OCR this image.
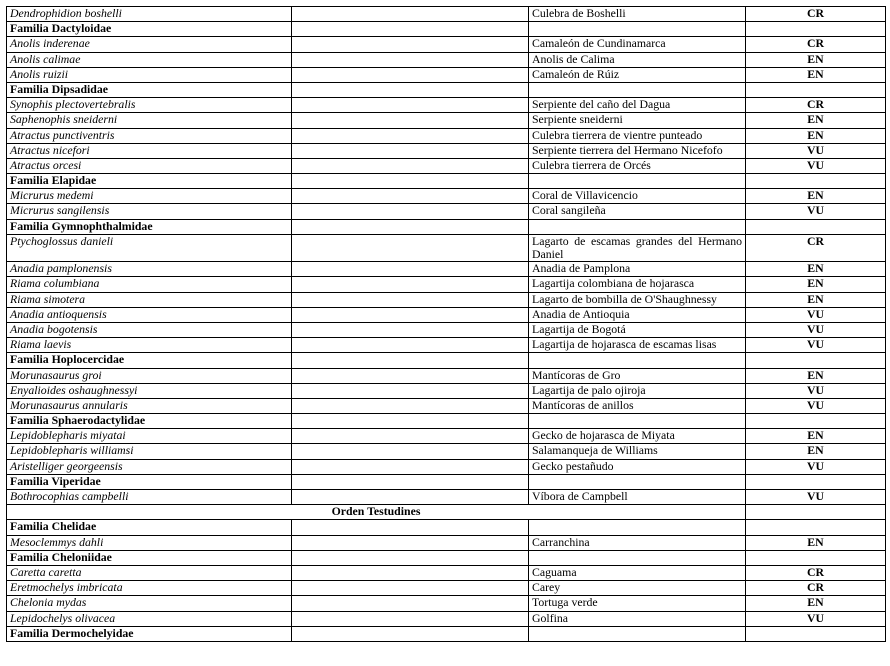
Dendrophidion boshelli		Culebra de Boshelli	CR
Familia Dactyloidae			
Anolis inderenae		Camaleón de Cundinamarca	CR
Anolis calimae		Anolis de Calima	EN
Anolis ruizii		Camaleón de Rúiz	EN
Familia Dipsadidae			
Synophis plectovertebralis		Serpiente del caño del Dagua	CR
Saphenophis sneiderni		Serpiente sneiderni	EN
Atractus punctiventris		Culebra tierrera de vientre punteado	EN
Atractus nicefori		Serpiente tierrera del Hermano Nicefofo	VU
Atractus orcesi		Culebra tierrera de Orcés	VU
Familia Elapidae			
Micrurus medemi		Coral de Villavicencio	EN
Micrurus sangilensis		Coral sangileña	VU
Familia Gymnophthalmidae			
Ptychoglossus danieli		Lagarto de escamas grandes del Hermano Daniel	CR
Anadia pamplonensis		Anadia de Pamplona	EN
Riama columbiana		Lagartija colombiana de hojarasca	EN
Riama simotera		Lagarto de bombilla de O'Shaughnessy	EN
Anadia antioquensis		Anadia de Antioquia	VU
Anadia bogotensis		Lagartija de Bogotá	VU
Riama laevis		Lagartija de hojarasca de escamas lisas	VU
Familia Hoplocercidae			
Morunasaurus groi		Mantícoras de Gro	EN
Enyalioides oshaughnessyi		Lagartija de palo ojiroja	VU
Morunasaurus annularis		Mantícoras de anillos	VU
Familia Sphaerodactylidae			
Lepidoblepharis miyatai		Gecko de hojarasca de Miyata	EN
Lepidoblepharis williamsi		Salamanqueja de Williams	EN
Aristelliger georgeensis		Gecko pestañudo	VU
Familia Viperidae			
Bothrocophias campbelli		Víbora de Campbell	VU
Orden Testudines			
Familia Chelidae			
Mesoclemmys dahli		Carranchina	EN
Familia Cheloniidae			
Caretta caretta		Caguama	CR
Eretmochelys imbricata		Carey	CR
Chelonia mydas		Tortuga verde	EN
Lepidochelys olivacea		Golfina	VU
Familia Dermochelyidae			
